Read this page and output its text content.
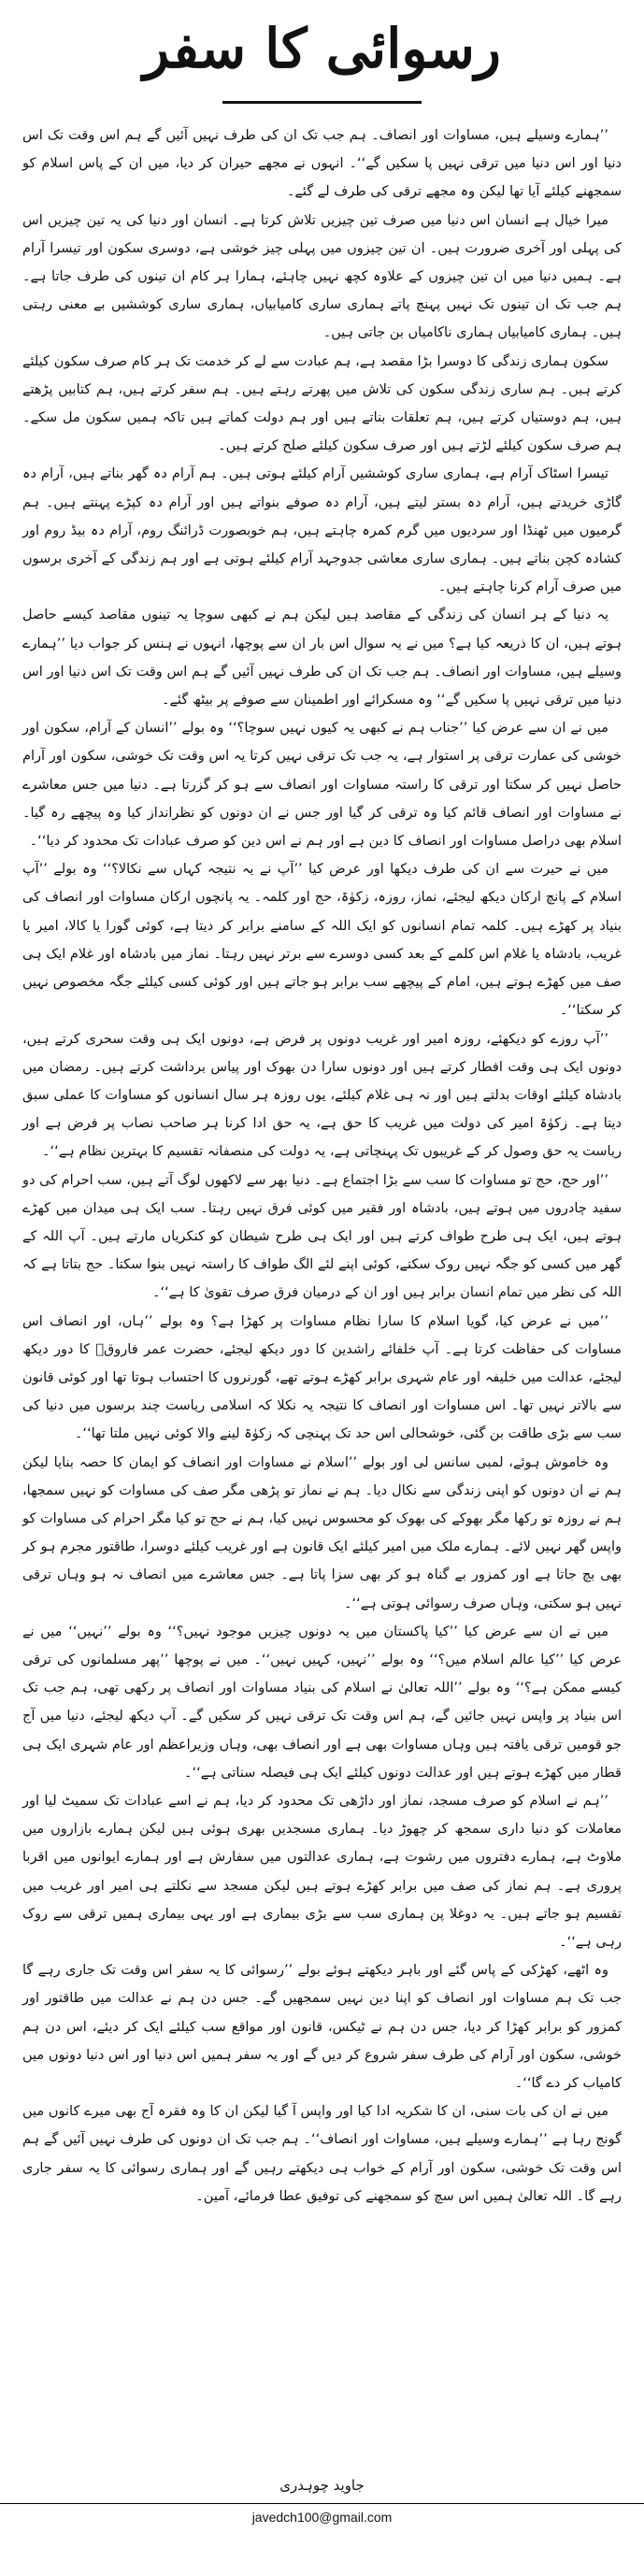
رسوائی کا سفر

’’ہمارے وسیلے ہیں، مساوات اور انصاف۔ ہم جب تک ان کی طرف نہیں آئیں گے ہم اس وقت تک اس دنیا اور اس دنیا میں ترقی نہیں پا سکیں گے‘‘۔ انہوں نے مجھے حیران کر دیا، میں ان کے پاس اسلام کو سمجھنے کیلئے آیا تھا لیکن وہ مجھے ترقی کی طرف لے گئے۔

میرا خیال ہے انسان اس دنیا میں صرف تین چیزیں تلاش کرتا ہے۔ انسان اور دنیا کی یہ تین چیزیں اس کی پہلی اور آخری ضرورت ہیں۔ ان تین چیزوں میں پہلی چیز خوشی ہے، دوسری سکون اور تیسرا آرام ہے۔ ہمیں دنیا میں ان تین چیزوں کے علاوہ کچھ نہیں چاہئے، ہمارا ہر کام ان تینوں کی طرف جاتا ہے۔ ہم جب تک ان تینوں تک نہیں پہنچ پاتے ہماری ساری کامیابیاں، ہماری ساری کوششیں بے معنی رہتی ہیں۔ ہماری کامیابیاں ہماری ناکامیاں بن جاتی ہیں۔

سکون ہماری زندگی کا دوسرا بڑا مقصد ہے، ہم عبادت سے لے کر خدمت تک ہر کام صرف سکون کیلئے کرتے ہیں۔ ہم ساری زندگی سکون کی تلاش میں پھرتے رہتے ہیں۔ ہم سفر کرتے ہیں، ہم کتابیں پڑھتے ہیں، ہم دوستیاں کرتے ہیں، ہم تعلقات بناتے ہیں اور ہم دولت کماتے ہیں تاکہ ہمیں سکون مل سکے۔ ہم صرف سکون کیلئے لڑتے ہیں اور صرف سکون کیلئے صلح کرتے ہیں۔

تیسرا اسٹاک آرام ہے، ہماری ساری کوششیں آرام کیلئے ہوتی ہیں۔ ہم آرام دہ گھر بناتے ہیں، آرام دہ گاڑی خریدتے ہیں، آرام دہ بستر لیتے ہیں، آرام دہ صوفے بنواتے ہیں اور آرام دہ کپڑے پہنتے ہیں۔ ہم گرمیوں میں ٹھنڈا اور سردیوں میں گرم کمرہ چاہتے ہیں، ہم خوبصورت ڈرائنگ روم، آرام دہ بیڈ روم اور کشادہ کچن بناتے ہیں۔ ہماری ساری معاشی جدوجہد آرام کیلئے ہوتی ہے اور ہم زندگی کے آخری برسوں میں صرف آرام کرنا چاہتے ہیں۔

یہ دنیا کے ہر انسان کی زندگی کے مقاصد ہیں لیکن ہم نے کبھی سوچا یہ تینوں مقاصد کیسے حاصل ہوتے ہیں، ان کا ذریعہ کیا ہے؟ میں نے یہ سوال اس بار ان سے پوچھا، انہوں نے ہنس کر جواب دیا ’’ہمارے وسیلے ہیں، مساوات اور انصاف۔ ہم جب تک ان کی طرف نہیں آئیں گے ہم اس وقت تک اس دنیا اور اس دنیا میں ترقی نہیں پا سکیں گے‘‘ وہ مسکرائے اور اطمینان سے صوفے پر بیٹھ گئے۔

میں نے ان سے عرض کیا ’’جناب ہم نے کبھی یہ کیوں نہیں سوچا؟‘‘ وہ بولے ’’انسان کے آرام، سکون اور خوشی کی عمارت ترقی پر استوار ہے، یہ جب تک ترقی نہیں کرتا یہ اس وقت تک خوشی، سکون اور آرام حاصل نہیں کر سکتا اور ترقی کا راستہ مساوات اور انصاف سے ہو کر گزرتا ہے۔ دنیا میں جس معاشرے نے مساوات اور انصاف قائم کیا وہ ترقی کر گیا اور جس نے ان دونوں کو نظرانداز کیا وہ پیچھے رہ گیا۔ اسلام بھی دراصل مساوات اور انصاف کا دین ہے اور ہم نے اس دین کو صرف عبادات تک محدود کر دیا‘‘۔

میں نے حیرت سے ان کی طرف دیکھا اور عرض کیا ’’آپ نے یہ نتیجہ کہاں سے نکالا؟‘‘ وہ بولے ’’آپ اسلام کے پانچ ارکان دیکھ لیجئے، نماز، روزہ، زکوٰۃ، حج اور کلمہ۔ یہ پانچوں ارکان مساوات اور انصاف کی بنیاد پر کھڑے ہیں۔ کلمہ تمام انسانوں کو ایک اللہ کے سامنے برابر کر دیتا ہے، کوئی گورا یا کالا، امیر یا غریب، بادشاہ یا غلام اس کلمے کے بعد کسی دوسرے سے برتر نہیں رہتا۔ نماز میں بادشاہ اور غلام ایک ہی صف میں کھڑے ہوتے ہیں، امام کے پیچھے سب برابر ہو جاتے ہیں اور کوئی کسی کیلئے جگہ مخصوص نہیں کر سکتا‘‘۔

’’آپ روزے کو دیکھئے، روزہ امیر اور غریب دونوں پر فرض ہے، دونوں ایک ہی وقت سحری کرتے ہیں، دونوں ایک ہی وقت افطار کرتے ہیں اور دونوں سارا دن بھوک اور پیاس برداشت کرتے ہیں۔ رمضان میں بادشاہ کیلئے اوقات بدلتے ہیں اور نہ ہی غلام کیلئے، یوں روزہ ہر سال انسانوں کو مساوات کا عملی سبق دیتا ہے۔ زکوٰۃ امیر کی دولت میں غریب کا حق ہے، یہ حق ادا کرنا ہر صاحب نصاب پر فرض ہے اور ریاست یہ حق وصول کر کے غریبوں تک پہنچاتی ہے، یہ دولت کی منصفانہ تقسیم کا بہترین نظام ہے‘‘۔

’’اور حج، حج تو مساوات کا سب سے بڑا اجتماع ہے۔ دنیا بھر سے لاکھوں لوگ آتے ہیں، سب احرام کی دو سفید چادروں میں ہوتے ہیں، بادشاہ اور فقیر میں کوئی فرق نہیں رہتا۔ سب ایک ہی میدان میں کھڑے ہوتے ہیں، ایک ہی طرح طواف کرتے ہیں اور ایک ہی طرح شیطان کو کنکریاں مارتے ہیں۔ آپ اللہ کے گھر میں کسی کو جگہ نہیں روک سکتے، کوئی اپنے لئے الگ طواف کا راستہ نہیں بنوا سکتا۔ حج بتاتا ہے کہ اللہ کی نظر میں تمام انسان برابر ہیں اور ان کے درمیان فرق صرف تقویٰ کا ہے‘‘۔

’’میں نے عرض کیا، گویا اسلام کا سارا نظام مساوات پر کھڑا ہے؟ وہ بولے ’’ہاں، اور انصاف اس مساوات کی حفاظت کرتا ہے۔ آپ خلفائے راشدین کا دور دیکھ لیجئے، حضرت عمر فاروقؓ کا دور دیکھ لیجئے، عدالت میں خلیفہ اور عام شہری برابر کھڑے ہوتے تھے، گورنروں کا احتساب ہوتا تھا اور کوئی قانون سے بالاتر نہیں تھا۔ اس مساوات اور انصاف کا نتیجہ یہ نکلا کہ اسلامی ریاست چند برسوں میں دنیا کی سب سے بڑی طاقت بن گئی، خوشحالی اس حد تک پہنچی کہ زکوٰۃ لینے والا کوئی نہیں ملتا تھا‘‘۔

وہ خاموش ہوئے، لمبی سانس لی اور بولے ’’اسلام نے مساوات اور انصاف کو ایمان کا حصہ بنایا لیکن ہم نے ان دونوں کو اپنی زندگی سے نکال دیا۔ ہم نے نماز تو پڑھی مگر صف کی مساوات کو نہیں سمجھا، ہم نے روزہ تو رکھا مگر بھوکے کی بھوک کو محسوس نہیں کیا، ہم نے حج تو کیا مگر احرام کی مساوات کو واپس گھر نہیں لائے۔ ہمارے ملک میں امیر کیلئے ایک قانون ہے اور غریب کیلئے دوسرا، طاقتور مجرم ہو کر بھی بچ جاتا ہے اور کمزور بے گناہ ہو کر بھی سزا پاتا ہے۔ جس معاشرے میں انصاف نہ ہو وہاں ترقی نہیں ہو سکتی، وہاں صرف رسوائی ہوتی ہے‘‘۔

میں نے ان سے عرض کیا ’’کیا پاکستان میں یہ دونوں چیزیں موجود نہیں؟‘‘ وہ بولے ’’نہیں‘‘ میں نے عرض کیا ’’کیا عالم اسلام میں؟‘‘ وہ بولے ’’نہیں، کہیں نہیں‘‘۔ میں نے پوچھا ’’پھر مسلمانوں کی ترقی کیسے ممکن ہے؟‘‘ وہ بولے ’’اللہ تعالیٰ نے اسلام کی بنیاد مساوات اور انصاف پر رکھی تھی، ہم جب تک اس بنیاد پر واپس نہیں جائیں گے، ہم اس وقت تک ترقی نہیں کر سکیں گے۔ آپ دیکھ لیجئے، دنیا میں آج جو قومیں ترقی یافتہ ہیں وہاں مساوات بھی ہے اور انصاف بھی، وہاں وزیراعظم اور عام شہری ایک ہی قطار میں کھڑے ہوتے ہیں اور عدالت دونوں کیلئے ایک ہی فیصلہ سناتی ہے‘‘۔

’’ہم نے اسلام کو صرف مسجد، نماز اور داڑھی تک محدود کر دیا، ہم نے اسے عبادات تک سمیٹ لیا اور معاملات کو دنیا داری سمجھ کر چھوڑ دیا۔ ہماری مسجدیں بھری ہوئی ہیں لیکن ہمارے بازاروں میں ملاوٹ ہے، ہمارے دفتروں میں رشوت ہے، ہماری عدالتوں میں سفارش ہے اور ہمارے ایوانوں میں اقربا پروری ہے۔ ہم نماز کی صف میں برابر کھڑے ہوتے ہیں لیکن مسجد سے نکلتے ہی امیر اور غریب میں تقسیم ہو جاتے ہیں۔ یہ دوغلا پن ہماری سب سے بڑی بیماری ہے اور یہی بیماری ہمیں ترقی سے روک رہی ہے‘‘۔

وہ اٹھے، کھڑکی کے پاس گئے اور باہر دیکھتے ہوئے بولے ’’رسوائی کا یہ سفر اس وقت تک جاری رہے گا جب تک ہم مساوات اور انصاف کو اپنا دین نہیں سمجھیں گے۔ جس دن ہم نے عدالت میں طاقتور اور کمزور کو برابر کھڑا کر دیا، جس دن ہم نے ٹیکس، قانون اور مواقع سب کیلئے ایک کر دیئے، اس دن ہم خوشی، سکون اور آرام کی طرف سفر شروع کر دیں گے اور یہ سفر ہمیں اس دنیا اور اس دنیا دونوں میں کامیاب کر دے گا‘‘۔

میں نے ان کی بات سنی، ان کا شکریہ ادا کیا اور واپس آ گیا لیکن ان کا وہ فقرہ آج بھی میرے کانوں میں گونج رہا ہے ’’ہمارے وسیلے ہیں، مساوات اور انصاف‘‘۔ ہم جب تک ان دونوں کی طرف نہیں آئیں گے ہم اس وقت تک خوشی، سکون اور آرام کے خواب ہی دیکھتے رہیں گے اور ہماری رسوائی کا یہ سفر جاری رہے گا۔ اللہ تعالیٰ ہمیں اس سچ کو سمجھنے کی توفیق عطا فرمائے، آمین۔

جاوید چوہدری
javedch100@gmail.com
